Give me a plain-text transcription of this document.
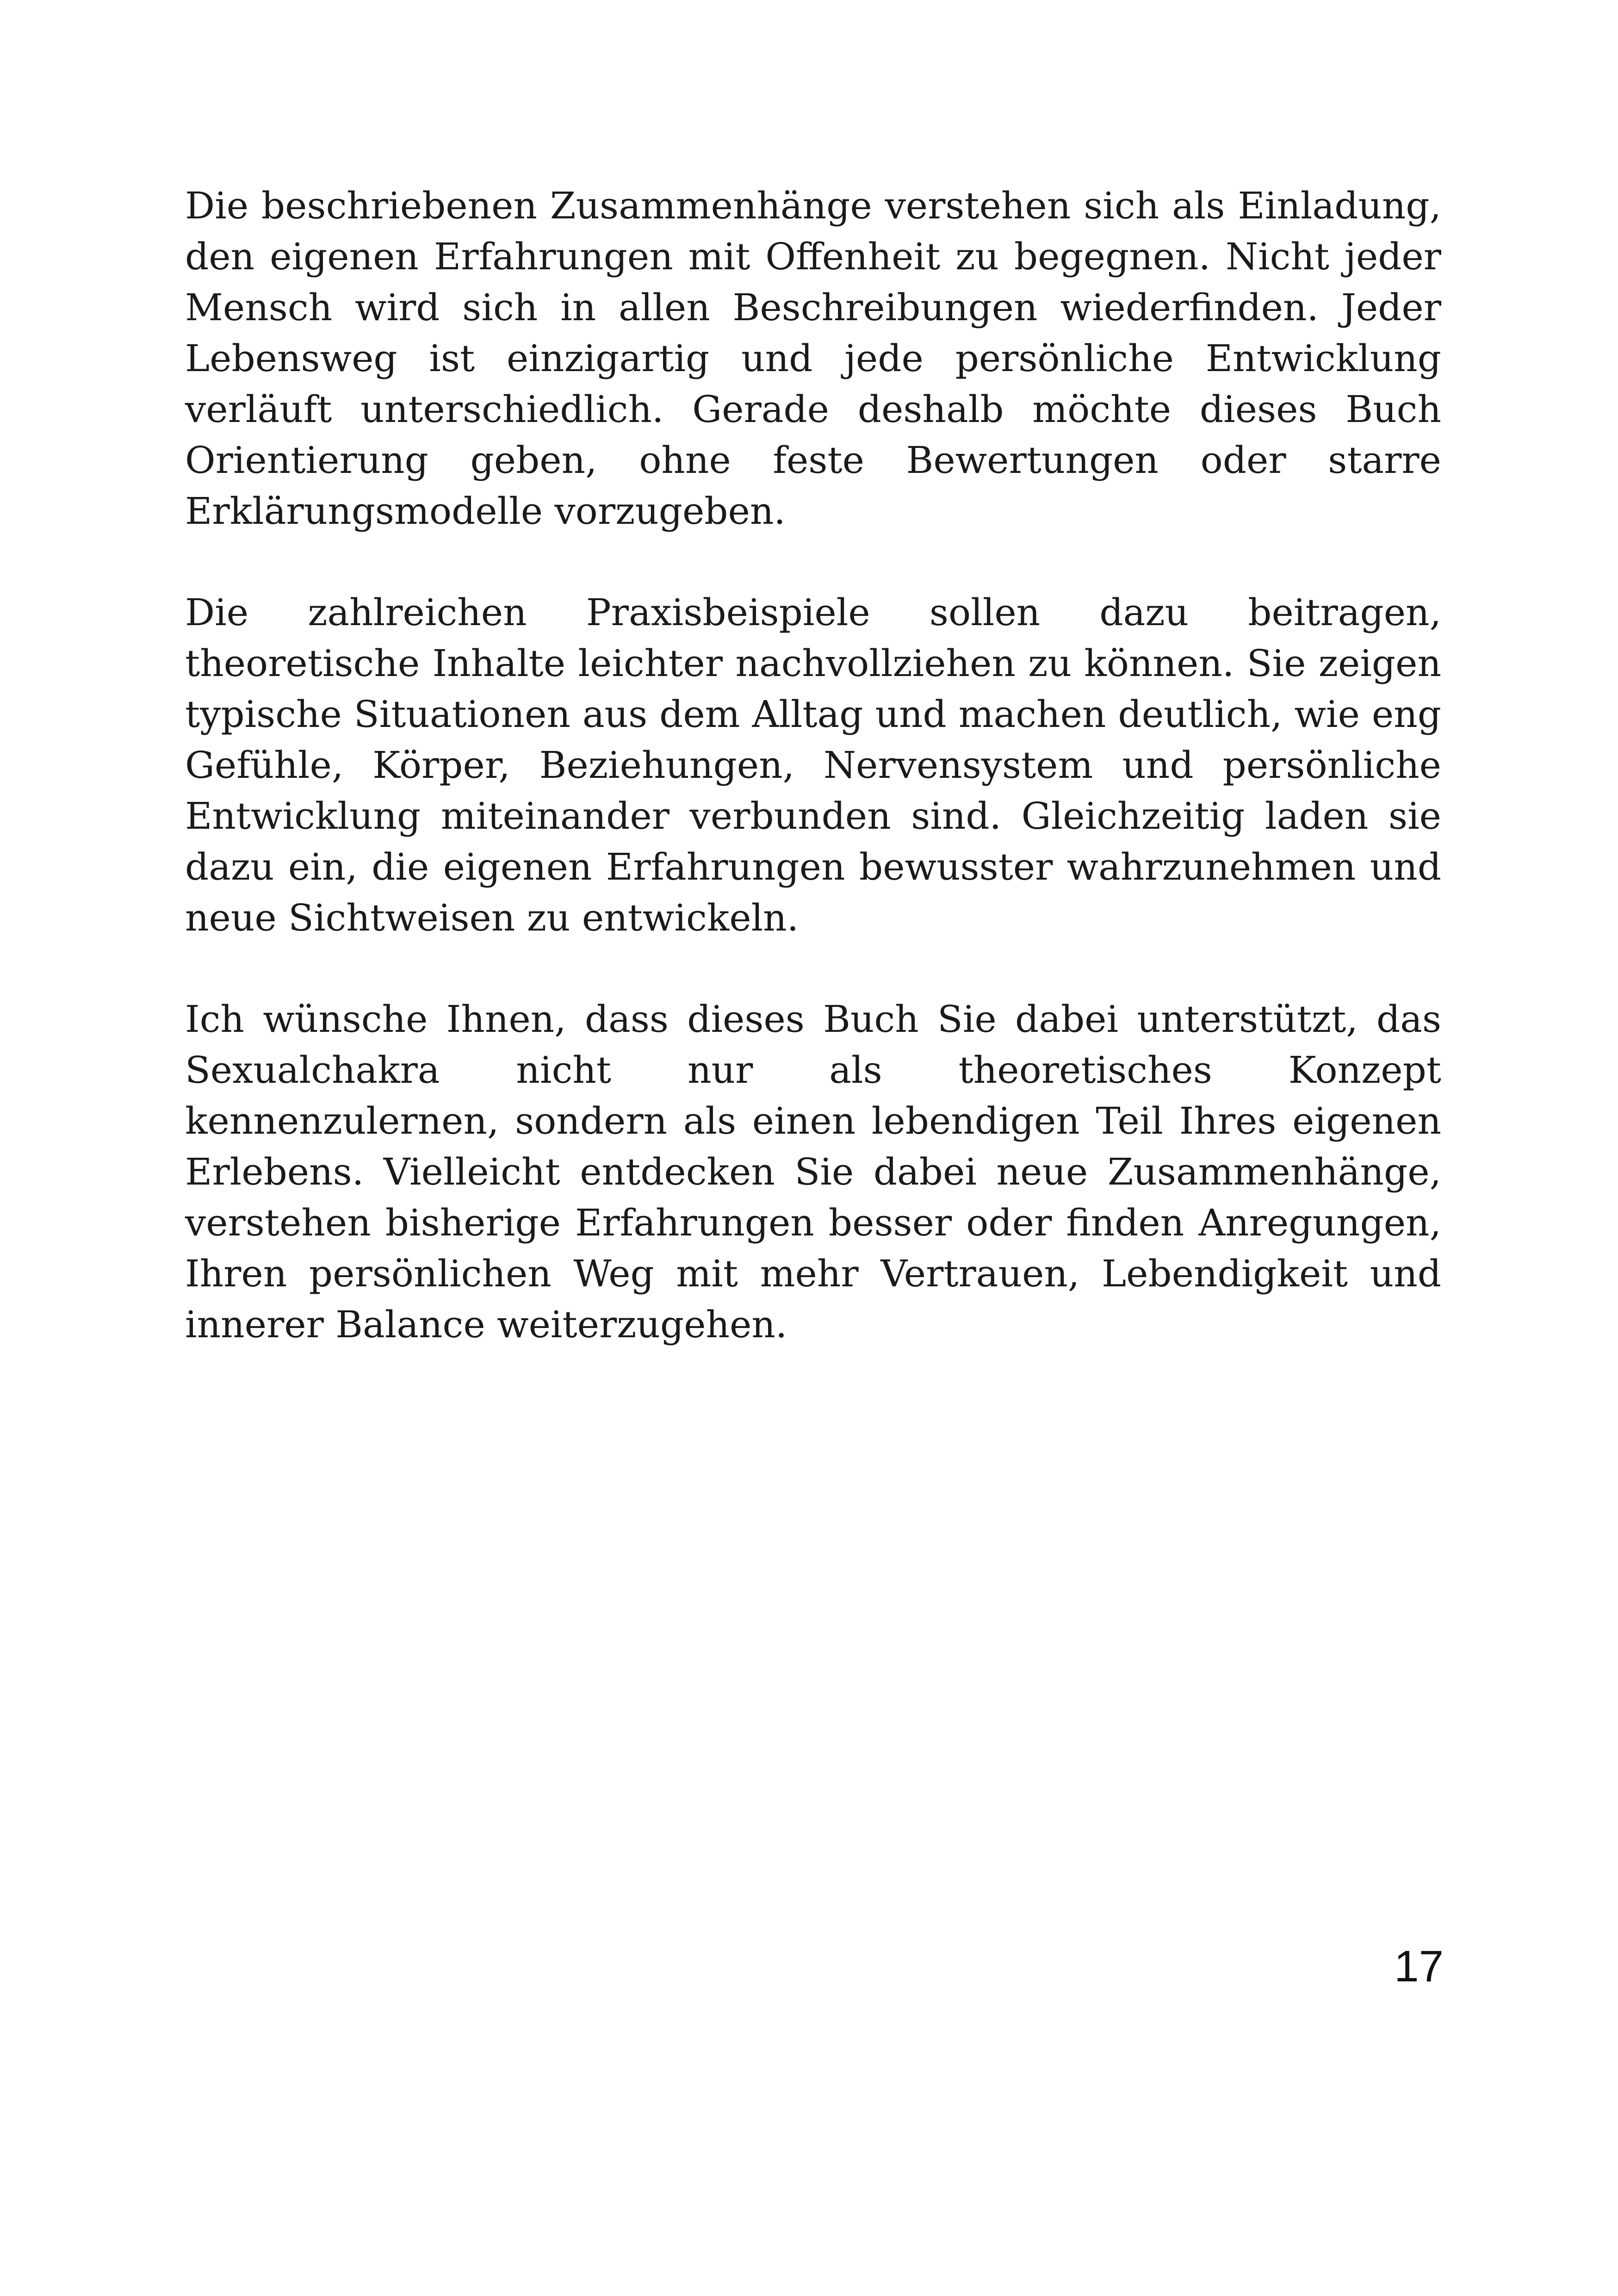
Die beschriebenen Zusammenhänge verstehen sich als Einladung, den eigenen Erfahrungen mit Offenheit zu begegnen. Nicht jeder Mensch wird sich in allen Beschreibungen wiederfinden. Jeder Lebensweg ist einzigartig und jede persönliche Entwicklung verläuft unterschiedlich. Gerade deshalb möchte dieses Buch Orientierung geben, ohne feste Bewertungen oder starre Erklärungsmodelle vorzugeben.

Die zahlreichen Praxisbeispiele sollen dazu beitragen, theoretische Inhalte leichter nachvollziehen zu können. Sie zeigen typische Situationen aus dem Alltag und machen deutlich, wie eng Gefühle, Körper, Beziehungen, Nervensystem und persönliche Entwicklung miteinander verbunden sind. Gleichzeitig laden sie dazu ein, die eigenen Erfahrungen bewusster wahrzunehmen und neue Sichtweisen zu entwickeln.

Ich wünsche Ihnen, dass dieses Buch Sie dabei unterstützt, das Sexualchakra nicht nur als theoretisches Konzept kennenzulernen, sondern als einen lebendigen Teil Ihres eigenen Erlebens. Vielleicht entdecken Sie dabei neue Zusammenhänge, verstehen bisherige Erfahrungen besser oder finden Anregungen, Ihren persönlichen Weg mit mehr Vertrauen, Lebendigkeit und innerer Balance weiterzugehen.

17
